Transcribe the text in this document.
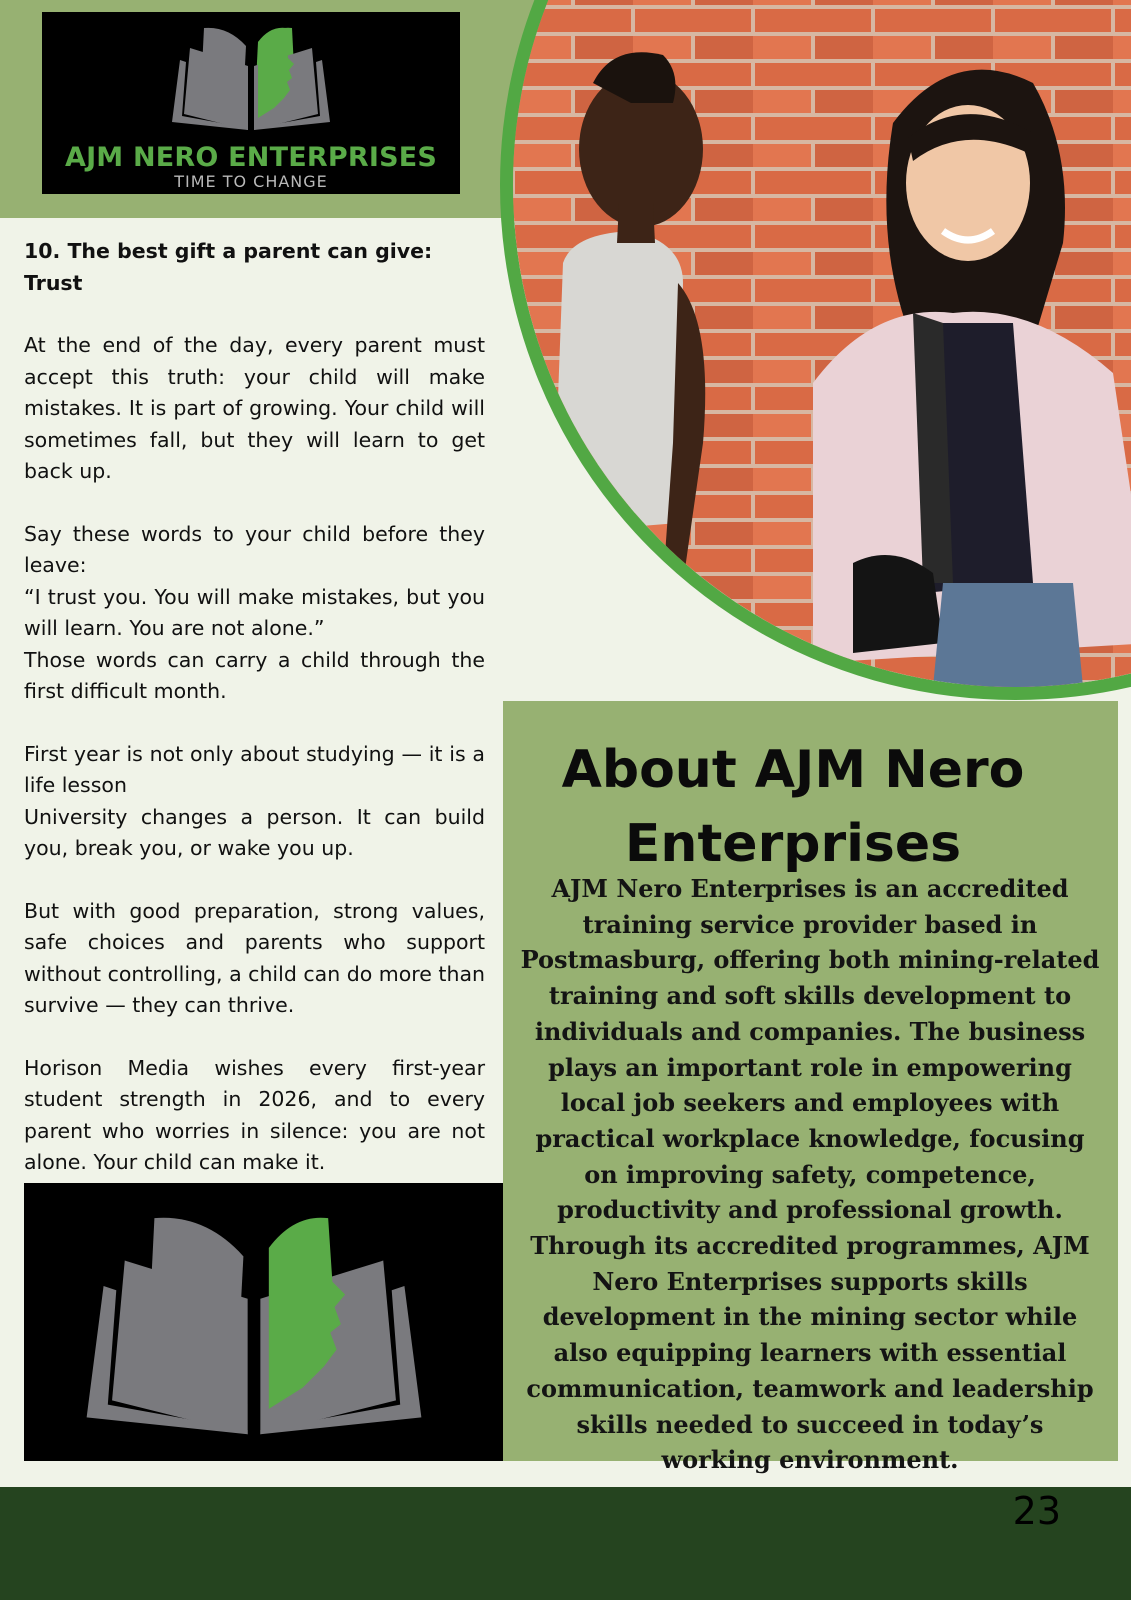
AJM NERO ENTERPRISES
TIME TO CHANGE
10. The best gift a parent can give: Trust
At the end of the day, every parent must accept this truth: your child will make mistakes. It is part of growing. Your child will sometimes fall, but they will learn to get back up.
Say these words to your child before they leave:
“I trust you. You will make mistakes, but you will learn. You are not alone.”
Those words can carry a child through the first difficult month.
First year is not only about studying — it is a life lesson
University changes a person. It can build you, break you, or wake you up.
But with good preparation, strong values, safe choices and parents who support without controlling, a child can do more than survive — they can thrive.
Horison Media wishes every first-year student strength in 2026, and to every parent who worries in silence: you are not alone. Your child can make it.
About AJM Nero Enterprises
AJM Nero Enterprises is an accredited training service provider based in Postmasburg, offering both mining-related training and soft skills development to individuals and companies. The business plays an important role in empowering local job seekers and employees with practical workplace knowledge, focusing on improving safety, competence, productivity and professional growth. Through its accredited programmes, AJM Nero Enterprises supports skills development in the mining sector while also equipping learners with essential communication, teamwork and leadership skills needed to succeed in today’s working environment.
23
